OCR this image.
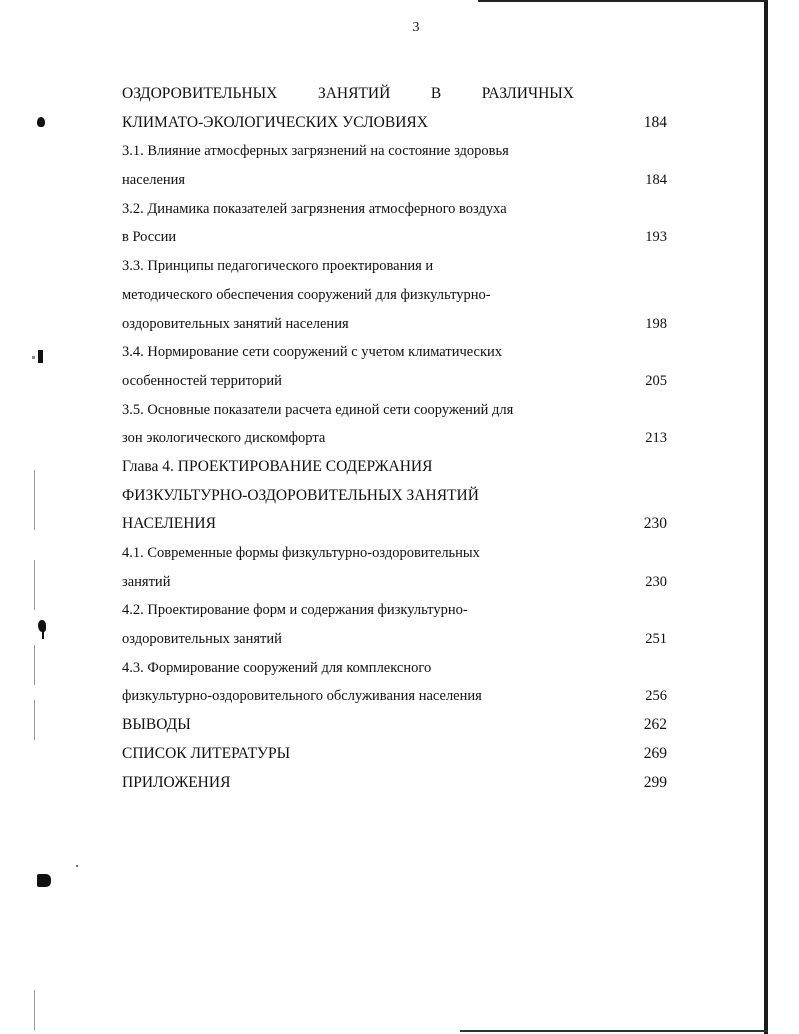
3
ОЗДОРОВИТЕЛЬНЫХ	ЗАНЯТИЙ	В	РАЗЛИЧНЫХ
КЛИМАТО-ЭКОЛОГИЧЕСКИХ УСЛОВИЯХ	184
3.1. Влияние атмосферных загрязнений на состояние здоровья
населения	184
3.2. Динамика показателей загрязнения атмосферного воздуха
в России	193
3.3. Принципы педагогического проектирования и
методического обеспечения сооружений для физкультурно-
оздоровительных занятий населения	198
3.4. Нормирование сети сооружений с учетом климатических
особенностей территорий	205
3.5. Основные показатели расчета единой сети сооружений для
зон экологического дискомфорта	213
Глава 4. ПРОЕКТИРОВАНИЕ СОДЕРЖАНИЯ
ФИЗКУЛЬТУРНО-ОЗДОРОВИТЕЛЬНЫХ ЗАНЯТИЙ
НАСЕЛЕНИЯ	230
4.1. Современные формы физкультурно-оздоровительных
занятий	230
4.2. Проектирование форм и содержания физкультурно-
оздоровительных занятий	251
4.3. Формирование сооружений для комплексного
физкультурно-оздоровительного обслуживания населения	256
ВЫВОДЫ	262
СПИСОК ЛИТЕРАТУРЫ	269
ПРИЛОЖЕНИЯ	299
